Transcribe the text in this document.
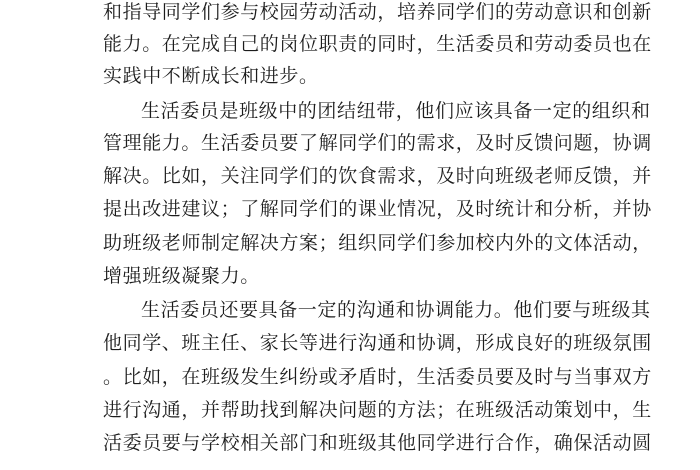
和指导同学们参与校园劳动活动，培养同学们的劳动意识和创新
能力。在完成自己的岗位职责的同时，生活委员和劳动委员也在
实践中不断成长和进步。
生活委员是班级中的团结纽带，他们应该具备一定的组织和
管理能力。生活委员要了解同学们的需求，及时反馈问题，协调
解决。比如，关注同学们的饮食需求，及时向班级老师反馈，并
提出改进建议；了解同学们的课业情况，及时统计和分析，并协
助班级老师制定解决方案；组织同学们参加校内外的文体活动，
增强班级凝聚力。
生活委员还要具备一定的沟通和协调能力。他们要与班级其
他同学、班主任、家长等进行沟通和协调，形成良好的班级氛围
。比如，在班级发生纠纷或矛盾时，生活委员要及时与当事双方
进行沟通，并帮助找到解决问题的方法；在班级活动策划中，生
活委员要与学校相关部门和班级其他同学进行合作，确保活动圆
